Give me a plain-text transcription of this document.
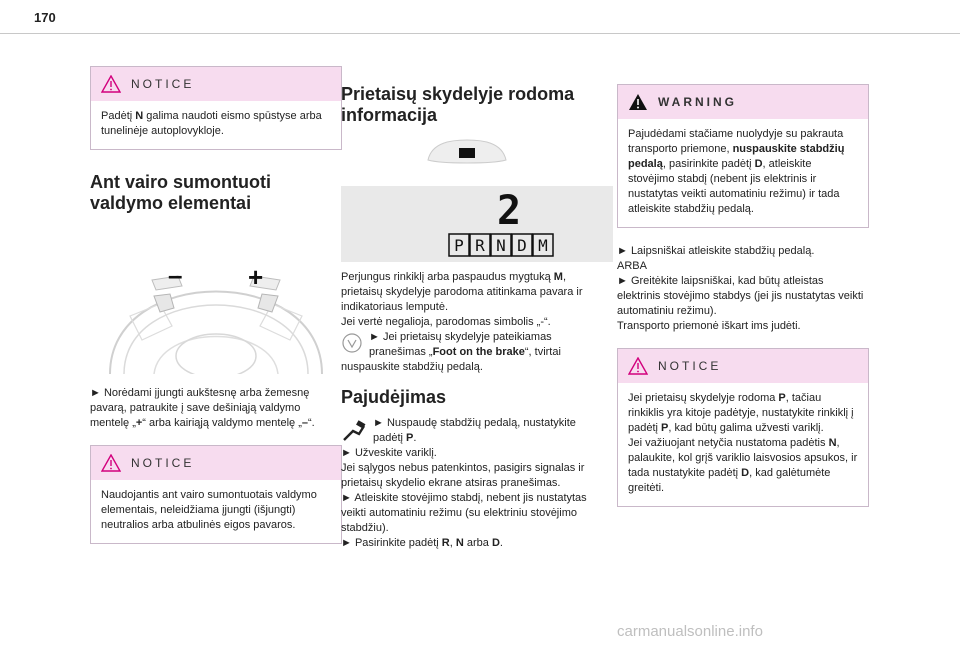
170
NOTICE

Padėtį N galima naudoti eismo spūstyse arba tunelinėje autoplovykloje.

Ant vairo sumontuoti valdymo elementai
–	+

► Norėdami įjungti aukštesnę arba žemesnę pavarą, patraukite į save dešiniąją valdymo mentelę „+“ arba kairiąją valdymo mentelę „–“.

NOTICE

Naudojantis ant vairo sumontuotais valdymo elementais, neleidžiama įjungti (išjungti) neutralios arba atbulinės eigos pavaros.

Prietaisų skydelyje rodoma informacija
2
P R N D M

Perjungus rinkiklį arba paspaudus mygtuką M, prietaisų skydelyje parodoma atitinkama pavara ir indikatoriaus lemputė.

Jei vertė negalioja, parodomas simbolis „-“.

► Jei prietaisų skydelyje pateikiamas pranešimas „Foot on the brake“, tvirtai nuspauskite stabdžių pedalą.

Pajudėjimas

► Nuspaudę stabdžių pedalą, nustatykite padėtį P.

► Užveskite variklį.

Jei sąlygos nebus patenkintos, pasigirs signalas ir prietaisų skydelio ekrane atsiras pranešimas.

► Atleiskite stovėjimo stabdį, nebent jis nustatytas veikti automatiniu režimu (su elektriniu stovėjimo stabdžiu).

► Pasirinkite padėtį R, N arba D.

WARNING

Pajudėdami stačiame nuolydyje su pakrauta transporto priemone, nuspauskite stabdžių pedalą, pasirinkite padėtį D, atleiskite stovėjimo stabdį (nebent jis elektrinis ir nustatytas veikti automatiniu režimu) ir tada atleiskite stabdžių pedalą.

► Laipsniškai atleiskite stabdžių pedalą.

ARBA

► Greitėkite laipsniškai, kad būtų atleistas elektrinis stovėjimo stabdys (jei jis nustatytas veikti automatiniu režimu).

Transporto priemonė iškart ims judėti.

NOTICE

Jei prietaisų skydelyje rodoma P, tačiau rinkiklis yra kitoje padėtyje, nustatykite rinkiklį į padėtį P, kad būtų galima užvesti variklį.

Jei važiuojant netyčia nustatoma padėtis N, palaukite, kol grįš variklio laisvosios apsukos, ir tada nustatykite padėtį D, kad galėtumėte greitėti.

carmanualsonline.info
